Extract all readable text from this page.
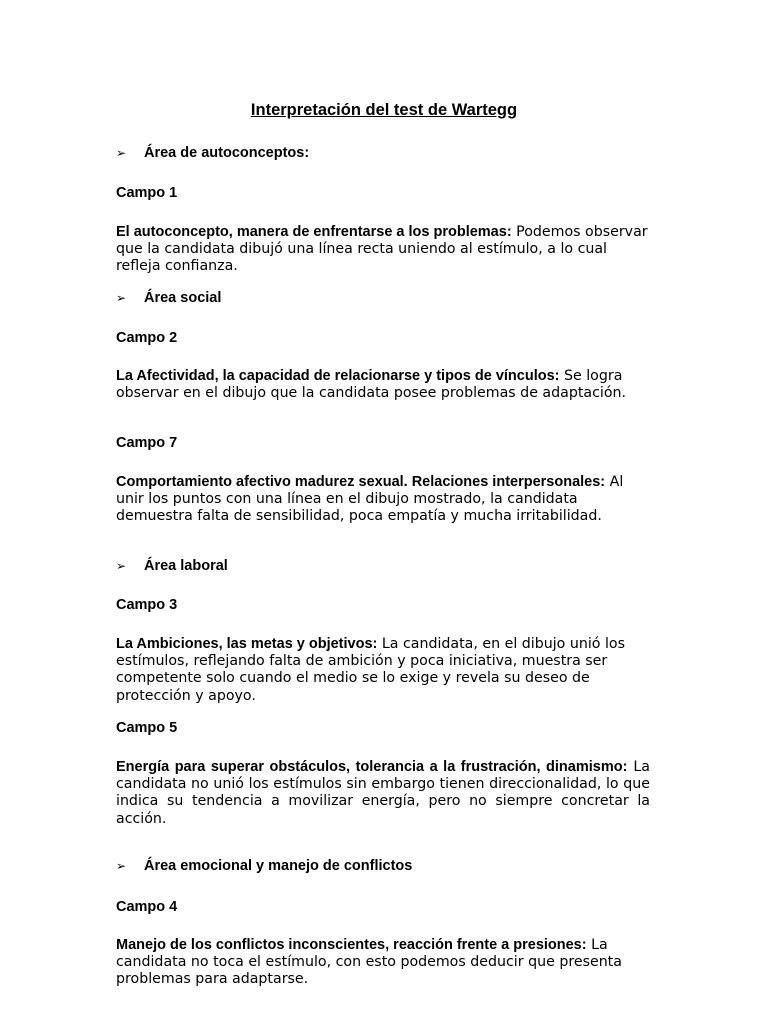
Interpretación del test de Wartegg
➢ Área de autoconceptos:
Campo 1
El autoconcepto, manera de enfrentarse a los problemas: Podemos observar que la candidata dibujó una línea recta uniendo al estímulo, a lo cual refleja confianza.
➢ Área social
Campo 2
La Afectividad, la capacidad de relacionarse y tipos de vínculos: Se logra observar en el dibujo que la candidata posee problemas de adaptación.
Campo 7
Comportamiento afectivo madurez sexual. Relaciones interpersonales: Al unir los puntos con una línea en el dibujo mostrado, la candidata demuestra falta de sensibilidad, poca empatía y mucha irritabilidad.
➢ Área laboral
Campo 3
La Ambiciones, las metas y objetivos: La candidata, en el dibujo unió los estímulos, reflejando falta de ambición y poca iniciativa, muestra ser competente solo cuando el medio se lo exige y revela su deseo de protección y apoyo.
Campo 5
Energía para superar obstáculos, tolerancia a la frustración, dinamismo: La candidata no unió los estímulos sin embargo tienen direccionalidad, lo que indica su tendencia a movilizar energía, pero no siempre concretar la acción.
➢ Área emocional y manejo de conflictos
Campo 4
Manejo de los conflictos inconscientes, reacción frente a presiones: La candidata no toca el estímulo, con esto podemos deducir que presenta problemas para adaptarse.
